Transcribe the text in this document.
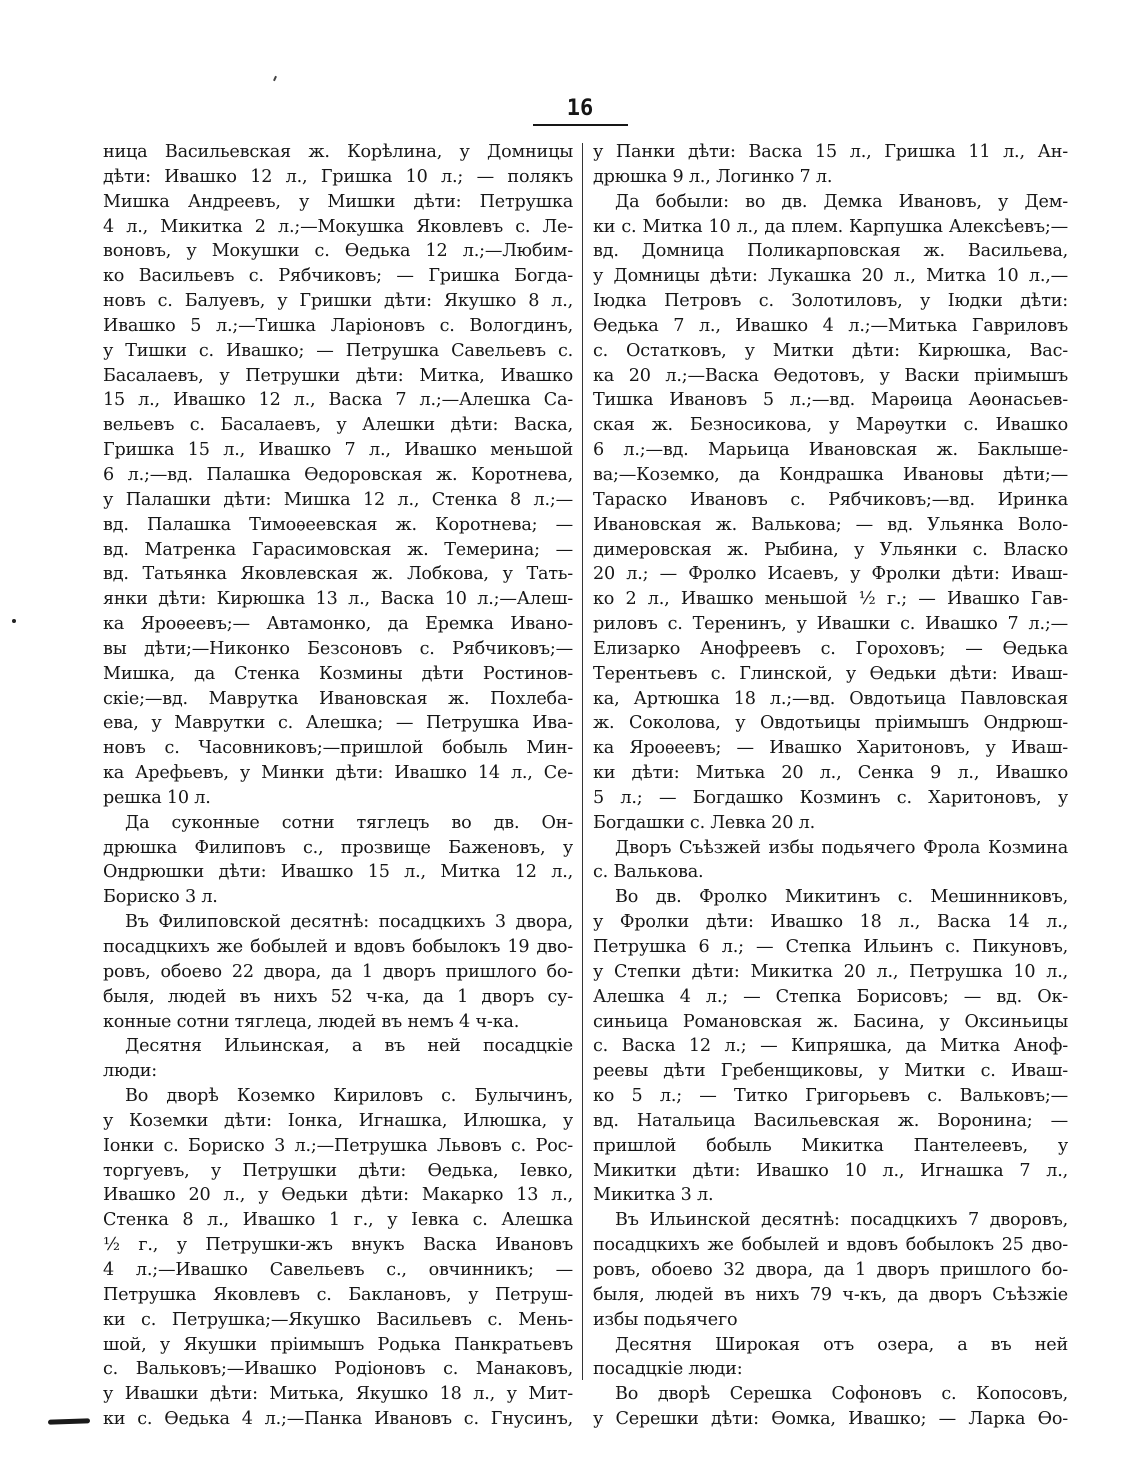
16
ница Васильевская ж. Корѣлина, у Домницы
дѣти: Ивашко 12 л., Гришка 10 л.; — полякъ
Мишка Андреевъ, у Мишки дѣти: Петрушка
4 л., Микитка 2 л.;—Мокушка Яковлевъ с. Ле-
воновъ, у Мокушки с. Ѳедька 12 л.;—Любим-
ко Васильевъ с. Рябчиковъ; — Гришка Богда-
новъ с. Балуевъ, у Гришки дѣти: Якушко 8 л.,
Ивашко 5 л.;—Тишка Ларіоновъ с. Вологдинъ,
у Тишки с. Ивашко; — Петрушка Савельевъ с.
Басалаевъ, у Петрушки дѣти: Митка, Ивашко
15 л., Ивашко 12 л., Васка 7 л.;—Алешка Са-
вельевъ с. Басалаевъ, у Алешки дѣти: Васка,
Гришка 15 л., Ивашко 7 л., Ивашко меньшой
6 л.;—вд. Палашка Ѳедоровская ж. Коротнева,
у Палашки дѣти: Мишка 12 л., Стенка 8 л.;—
вд. Палашка Тимоѳеевская ж. Коротнева; —
вд. Матренка Гарасимовская ж. Темерина; —
вд. Татьянка Яковлевская ж. Лобкова, у Тать-
янки дѣти: Кирюшка 13 л., Васка 10 л.;—Алеш-
ка Яроѳеевъ;— Автамонко, да Еремка Ивано-
вы дѣти;—Никонко Безсоновъ с. Рябчиковъ;—
Мишка, да Стенка Козмины дѣти Ростинов-
скіе;—вд. Маврутка Ивановская ж. Похлеба-
ева, у Маврутки с. Алешка; — Петрушка Ива-
новъ с. Часовниковъ;—пришлой бобыль Мин-
ка Арефьевъ, у Минки дѣти: Ивашко 14 л., Се-
решка 10 л.
Да суконные сотни тяглецъ во дв. Он-
дрюшка Филиповъ с., прозвище Баженовъ, у
Ондрюшки дѣти: Ивашко 15 л., Митка 12 л.,
Бориско 3 л.
Въ Филиповской десятнѣ: посадцкихъ 3 двора,
посадцкихъ же бобылей и вдовъ бобылокъ 19 дво-
ровъ, обоево 22 двора, да 1 дворъ пришлого бо-
быля, людей въ нихъ 52 ч-ка, да 1 дворъ су-
конные сотни тяглеца, людей въ немъ 4 ч-ка.
Десятня Ильинская, а въ ней посадцкіе
люди:
Во дворѣ Коземко Кириловъ с. Булычинъ,
у Коземки дѣти: Іонка, Игнашка, Илюшка, у
Іонки с. Бориско 3 л.;—Петрушка Львовъ с. Рос-
торгуевъ, у Петрушки дѣти: Ѳедька, Іевко,
Ивашко 20 л., у Ѳедьки дѣти: Макарко 13 л.,
Стенка 8 л., Ивашко 1 г., у Іевка с. Алешка
½ г., у Петрушки-жъ внукъ Васка Ивановъ
4 л.;—Ивашко Савельевъ с., овчинникъ; —
Петрушка Яковлевъ с. Баклановъ, у Петруш-
ки с. Петрушка;—Якушко Васильевъ с. Мень-
шой, у Якушки пріимышъ Родька Панкратьевъ
с. Вальковъ;—Ивашко Родіоновъ с. Манаковъ,
у Ивашки дѣти: Митька, Якушко 18 л., у Мит-
ки с. Ѳедька 4 л.;—Панка Ивановъ с. Гнусинъ,
у Панки дѣти: Васка 15 л., Гришка 11 л., Ан-
дрюшка 9 л., Логинко 7 л.
Да бобыли: во дв. Демка Ивановъ, у Дем-
ки с. Митка 10 л., да плем. Карпушка Алексѣевъ;—
вд. Домница Поликарповская ж. Васильева,
у Домницы дѣти: Лукашка 20 л., Митка 10 л.,—
Іюдка Петровъ с. Золотиловъ, у Іюдки дѣти:
Ѳедька 7 л., Ивашко 4 л.;—Митька Гавриловъ
с. Остатковъ, у Митки дѣти: Кирюшка, Вас-
ка 20 л.;—Васка Ѳедотовъ, у Васки пріимышъ
Тишка Ивановъ 5 л.;—вд. Марѳица Аѳонасьев-
ская ж. Безносикова, у Марѳутки с. Ивашко
6 л.;—вд. Марьица Ивановская ж. Баклыше-
ва;—Коземко, да Кондрашка Ивановы дѣти;—
Тараско Ивановъ с. Рябчиковъ;—вд. Иринка
Ивановская ж. Валькова; — вд. Ульянка Воло-
димеровская ж. Рыбина, у Ульянки с. Власко
20 л.; — Фролко Исаевъ, у Фролки дѣти: Иваш-
ко 2 л., Ивашко меньшой ½ г.; — Ивашко Гав-
риловъ с. Теренинъ, у Ивашки с. Ивашко 7 л.;—
Елизарко Анофреевъ с. Гороховъ; — Ѳедька
Терентьевъ с. Глинской, у Ѳедьки дѣти: Иваш-
ка, Артюшка 18 л.;—вд. Овдотьица Павловская
ж. Соколова, у Овдотьицы пріимышъ Ондрюш-
ка Яроѳеевъ; — Ивашко Харитоновъ, у Иваш-
ки дѣти: Митька 20 л., Сенка 9 л., Ивашко
5 л.; — Богдашко Козминъ с. Харитоновъ, у
Богдашки с. Левка 20 л.
Дворъ Съѣзжей избы подьячего Фрола Козмина
с. Валькова.
Во дв. Фролко Микитинъ с. Мешинниковъ,
у Фролки дѣти: Ивашко 18 л., Васка 14 л.,
Петрушка 6 л.; — Степка Ильинъ с. Пикуновъ,
у Степки дѣти: Микитка 20 л., Петрушка 10 л.,
Алешка 4 л.; — Степка Борисовъ; — вд. Ок-
синьица Романовская ж. Басина, у Оксиньицы
с. Васка 12 л.; — Кипряшка, да Митка Аноф-
реевы дѣти Гребенщиковы, у Митки с. Иваш-
ко 5 л.; — Титко Григорьевъ с. Вальковъ;—
вд. Натальица Васильевская ж. Воронина; —
пришлой бобыль Микитка Пантелеевъ, у
Микитки дѣти: Ивашко 10 л., Игнашка 7 л.,
Микитка 3 л.
Въ Ильинской десятнѣ: посадцкихъ 7 дворовъ,
посадцкихъ же бобылей и вдовъ бобылокъ 25 дво-
ровъ, обоево 32 двора, да 1 дворъ пришлого бо-
быля, людей въ нихъ 79 ч-къ, да дворъ Съѣзжіе
избы подьячего
Десятня Широкая отъ озера, а въ ней
посадцкіе люди:
Во дворѣ Серешка Софоновъ с. Копосовъ,
у Серешки дѣти: Ѳомка, Ивашко; — Ларка Ѳо-
